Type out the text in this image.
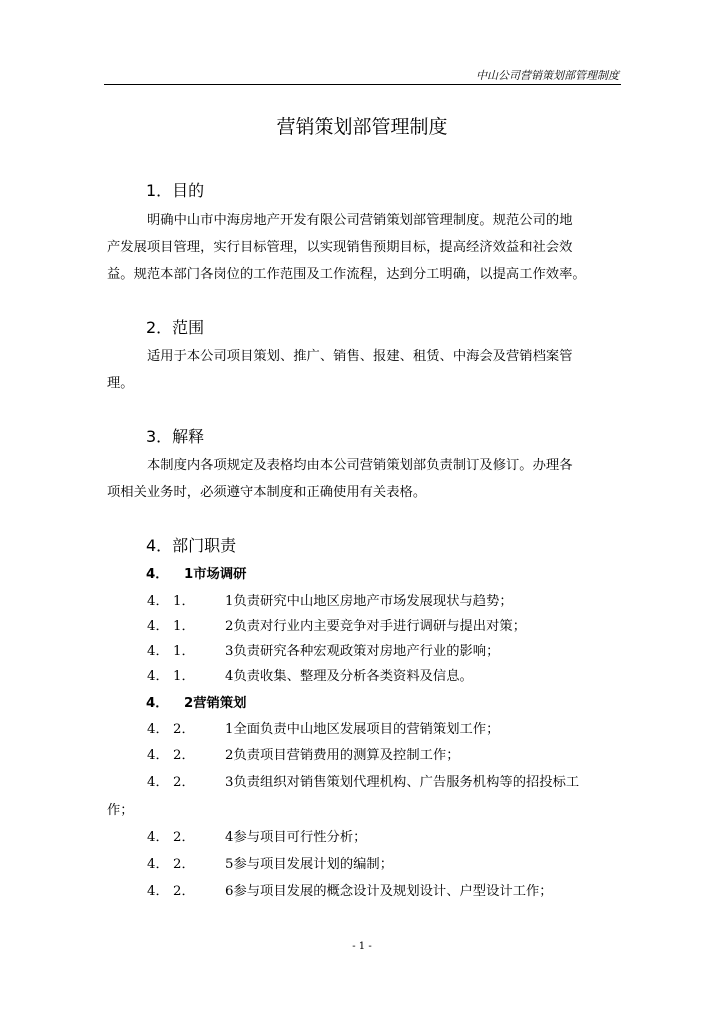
中山公司营销策划部管理制度
营销策划部管理制度
1．目的
明确中山市中海房地产开发有限公司营销策划部管理制度。规范公司的地
产发展项目管理，实行目标管理，以实现销售预期目标，提高经济效益和社会效
益。规范本部门各岗位的工作范围及工作流程，达到分工明确，以提高工作效率。
2．范围
适用于本公司项目策划、推广、销售、报建、租赁、中海会及营销档案管
理。
3．解释
本制度内各项规定及表格均由本公司营销策划部负责制订及修订。办理各
项相关业务时，必须遵守本制度和正确使用有关表格。
4．部门职责
4． 1市场调研
4． 1．1负责研究中山地区房地产市场发展现状与趋势；
4． 1．2负责对行业内主要竞争对手进行调研与提出对策；
4． 1．3负责研究各种宏观政策对房地产行业的影响；
4． 1．4负责收集、整理及分析各类资料及信息。
4． 2营销策划
4． 2．1全面负责中山地区发展项目的营销策划工作；
4． 2．2负责项目营销费用的测算及控制工作；
4． 2．3负责组织对销售策划代理机构、广告服务机构等的招投标工
作；
4． 2．4参与项目可行性分析；
4． 2．5参与项目发展计划的编制；
4． 2．6参与项目发展的概念设计及规划设计、户型设计工作；
- 1 -
